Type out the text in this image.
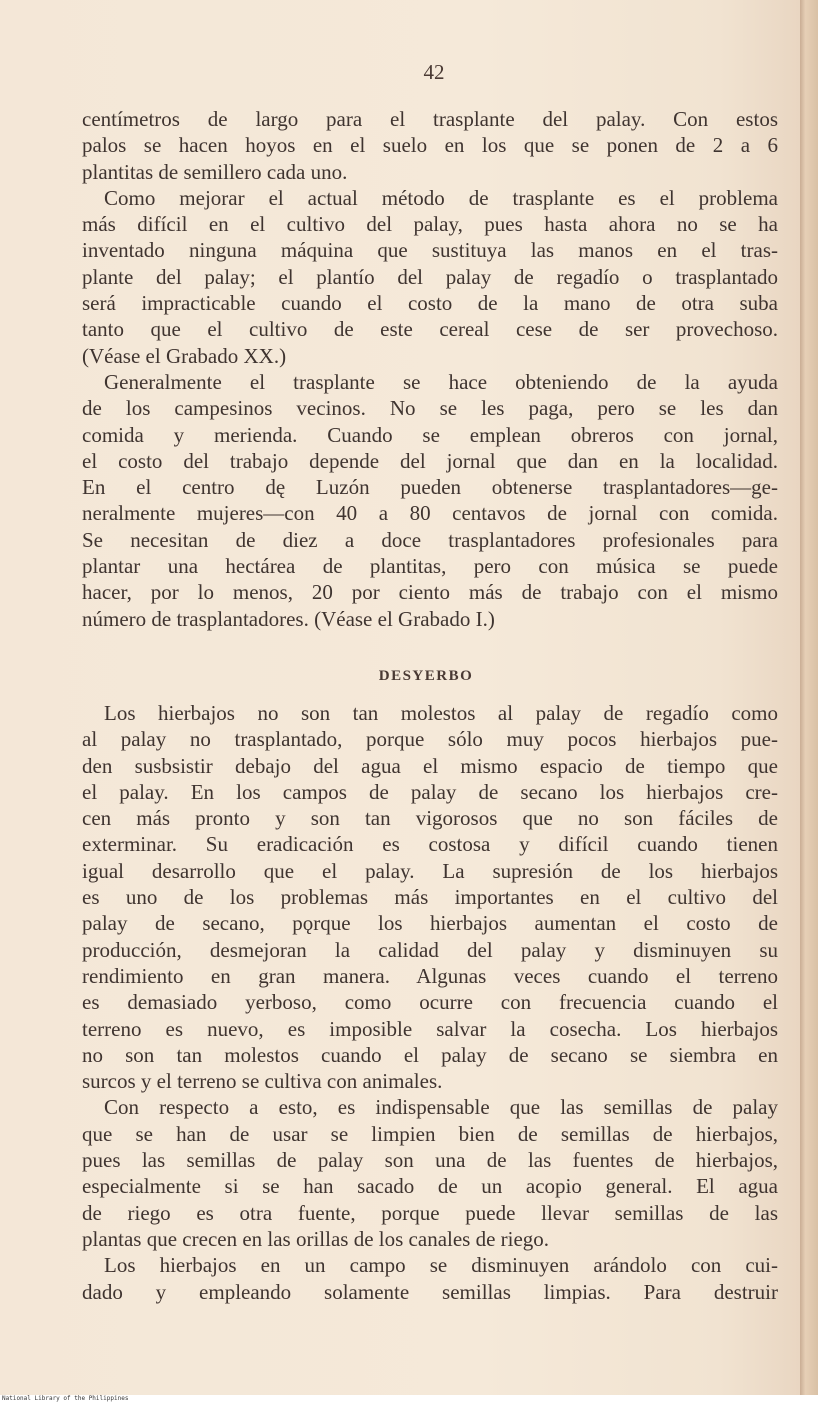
42
centímetros de largo para el trasplante del palay. Con estos
palos se hacen hoyos en el suelo en los que se ponen de 2 a 6
plantitas de semillero cada uno.
Como mejorar el actual método de trasplante es el problema
más difícil en el cultivo del palay, pues hasta ahora no se ha
inventado ninguna máquina que sustituya las manos en el tras-
plante del palay; el plantío del palay de regadío o trasplantado
será impracticable cuando el costo de la mano de otra suba
tanto que el cultivo de este cereal cese de ser provechoso.
(Véase el Grabado XX.)
Generalmente el trasplante se hace obteniendo de la ayuda
de los campesinos vecinos. No se les paga, pero se les dan
comida y merienda. Cuando se emplean obreros con jornal,
el costo del trabajo depende del jornal que dan en la localidad.
En el centro dę Luzón pueden obtenerse trasplantadores—ge-
neralmente mujeres—con 40 a 80 centavos de jornal con comida.
Se necesitan de diez a doce trasplantadores profesionales para
plantar una hectárea de plantitas, pero con música se puede
hacer, por lo menos, 20 por ciento más de trabajo con el mismo
número de trasplantadores. (Véase el Grabado I.)
DESYERBO
Los hierbajos no son tan molestos al palay de regadío como
al palay no trasplantado, porque sólo muy pocos hierbajos pue-
den susbsistir debajo del agua el mismo espacio de tiempo que
el palay. En los campos de palay de secano los hierbajos cre-
cen más pronto y son tan vigorosos que no son fáciles de
exterminar. Su eradicación es costosa y difícil cuando tienen
igual desarrollo que el palay. La supresión de los hierbajos
es uno de los problemas más importantes en el cultivo del
palay de secano, pǫrque los hierbajos aumentan el costo de
producción, desmejoran la calidad del palay y disminuyen su
rendimiento en gran manera. Algunas veces cuando el terreno
es demasiado yerboso, como ocurre con frecuencia cuando el
terreno es nuevo, es imposible salvar la cosecha. Los hierbajos
no son tan molestos cuando el palay de secano se siembra en
surcos y el terreno se cultiva con animales.
Con respecto a esto, es indispensable que las semillas de palay
que se han de usar se limpien bien de semillas de hierbajos,
pues las semillas de palay son una de las fuentes de hierbajos,
especialmente si se han sacado de un acopio general. El agua
de riego es otra fuente, porque puede llevar semillas de las
plantas que crecen en las orillas de los canales de riego.
Los hierbajos en un campo se disminuyen arándolo con cui-
dado y empleando solamente semillas limpias. Para destruir
National Library of the Philippines
